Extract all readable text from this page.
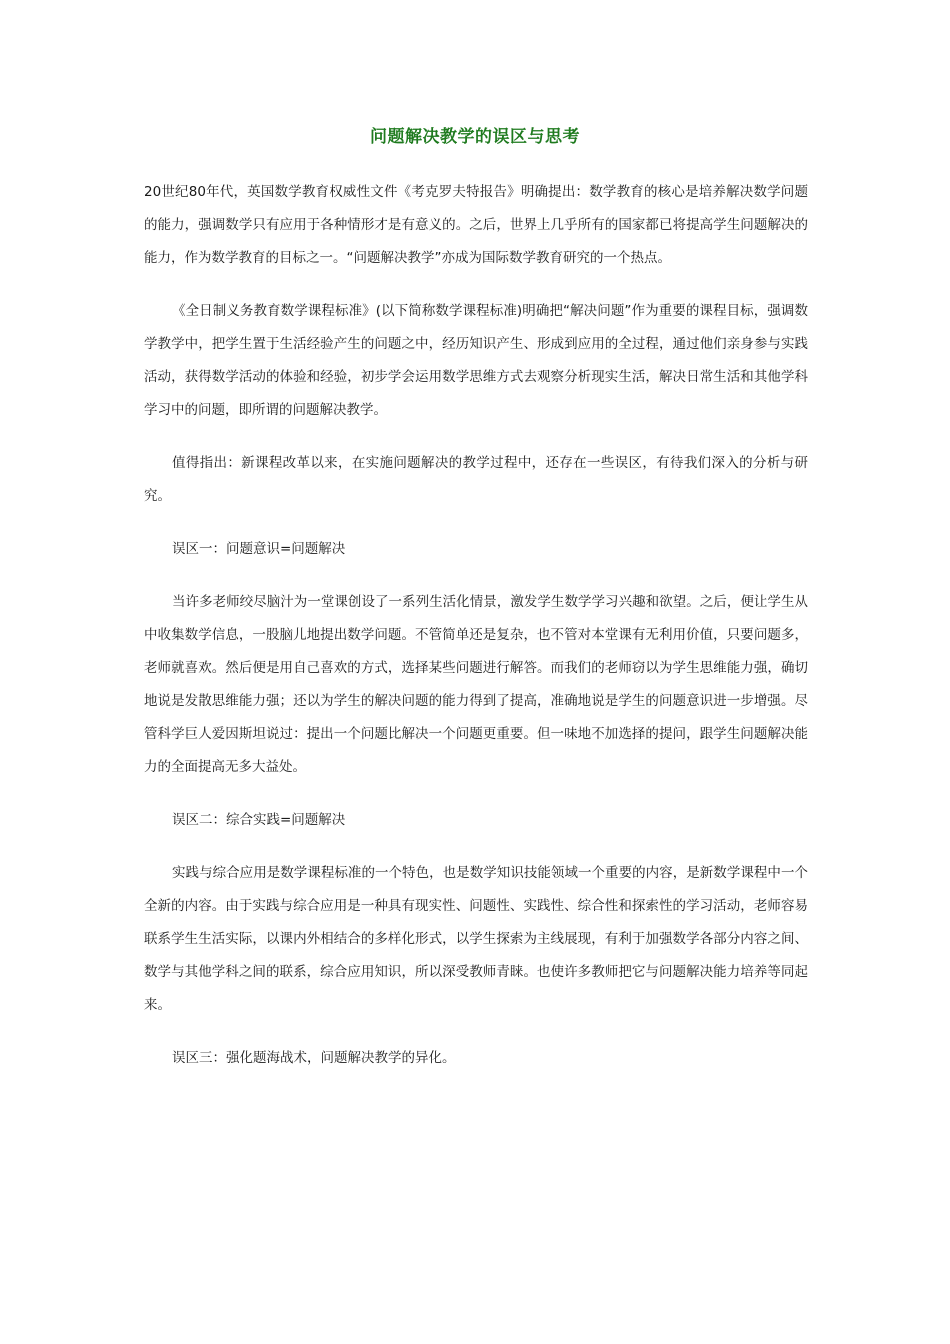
问题解决教学的误区与思考

20世纪80年代，英国数学教育权威性文件《考克罗夫特报告》明确提出：数学教育的核心是培养解决数学问题的能力，强调数学只有应用于各种情形才是有意义的。之后，世界上几乎所有的国家都已将提高学生问题解决的能力，作为数学教育的目标之一。“问题解决教学”亦成为国际数学教育研究的一个热点。

《全日制义务教育数学课程标准》(以下简称数学课程标准)明确把“解决问题”作为重要的课程目标，强调数学教学中，把学生置于生活经验产生的问题之中，经历知识产生、形成到应用的全过程，通过他们亲身参与实践活动，获得数学活动的体验和经验，初步学会运用数学思维方式去观察分析现实生活，解决日常生活和其他学科学习中的问题，即所谓的问题解决教学。

值得指出：新课程改革以来，在实施问题解决的教学过程中，还存在一些误区，有待我们深入的分析与研究。

误区一：问题意识=问题解决

当许多老师绞尽脑汁为一堂课创设了一系列生活化情景，激发学生数学学习兴趣和欲望。之后，便让学生从中收集数学信息，一股脑儿地提出数学问题。不管简单还是复杂，也不管对本堂课有无利用价值，只要问题多，老师就喜欢。然后便是用自己喜欢的方式，选择某些问题进行解答。而我们的老师窃以为学生思维能力强，确切地说是发散思维能力强；还以为学生的解决问题的能力得到了提高，准确地说是学生的问题意识进一步增强。尽管科学巨人爱因斯坦说过：提出一个问题比解决一个问题更重要。但一味地不加选择的提问，跟学生问题解决能力的全面提高无多大益处。

误区二：综合实践=问题解决

实践与综合应用是数学课程标准的一个特色，也是数学知识技能领域一个重要的内容，是新数学课程中一个全新的内容。由于实践与综合应用是一种具有现实性、问题性、实践性、综合性和探索性的学习活动，老师容易联系学生生活实际，以课内外相结合的多样化形式，以学生探索为主线展现，有利于加强数学各部分内容之间、数学与其他学科之间的联系，综合应用知识，所以深受教师青睐。也使许多教师把它与问题解决能力培养等同起来。

误区三：强化题海战术，问题解决教学的异化。
